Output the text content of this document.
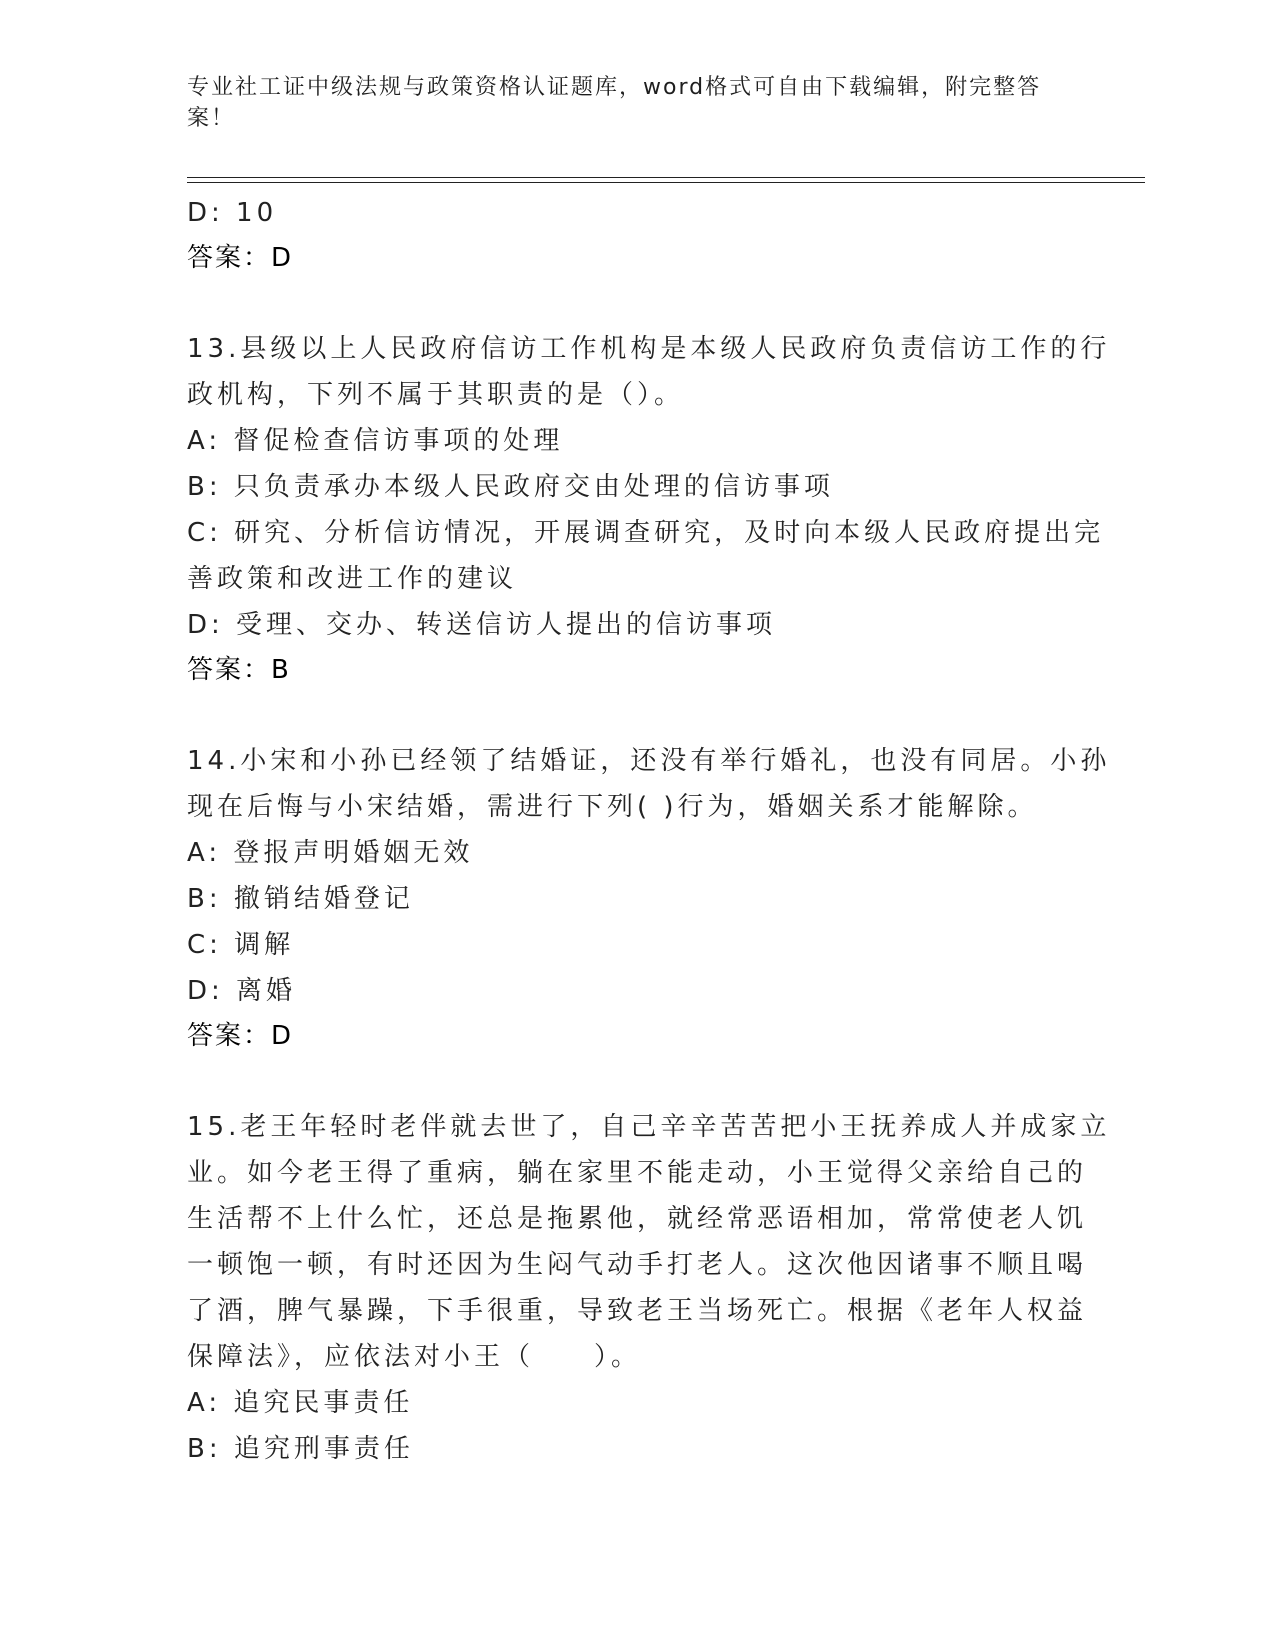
专业社工证中级法规与政策资格认证题库，word格式可自由下载编辑，附完整答
案！
D: 10
答案：D
13.县级以上人民政府信访工作机构是本级人民政府负责信访工作的行
政机构，下列不属于其职责的是（）。
A: 督促检查信访事项的处理
B: 只负责承办本级人民政府交由处理的信访事项
C: 研究、分析信访情况，开展调查研究，及时向本级人民政府提出完
善政策和改进工作的建议
D: 受理、交办、转送信访人提出的信访事项
答案：B
14.小宋和小孙已经领了结婚证，还没有举行婚礼，也没有同居。小孙
现在后悔与小宋结婚，需进行下列( )行为，婚姻关系才能解除。
A: 登报声明婚姻无效
B: 撤销结婚登记
C: 调解
D: 离婚
答案：D
15.老王年轻时老伴就去世了，自己辛辛苦苦把小王抚养成人并成家立
业。如今老王得了重病，躺在家里不能走动，小王觉得父亲给自己的
生活帮不上什么忙，还总是拖累他，就经常恶语相加，常常使老人饥
一顿饱一顿，有时还因为生闷气动手打老人。这次他因诸事不顺且喝
了酒，脾气暴躁，下手很重，导致老王当场死亡。根据《老年人权益
保障法》，应依法对小王（　　）。
A: 追究民事责任
B: 追究刑事责任
